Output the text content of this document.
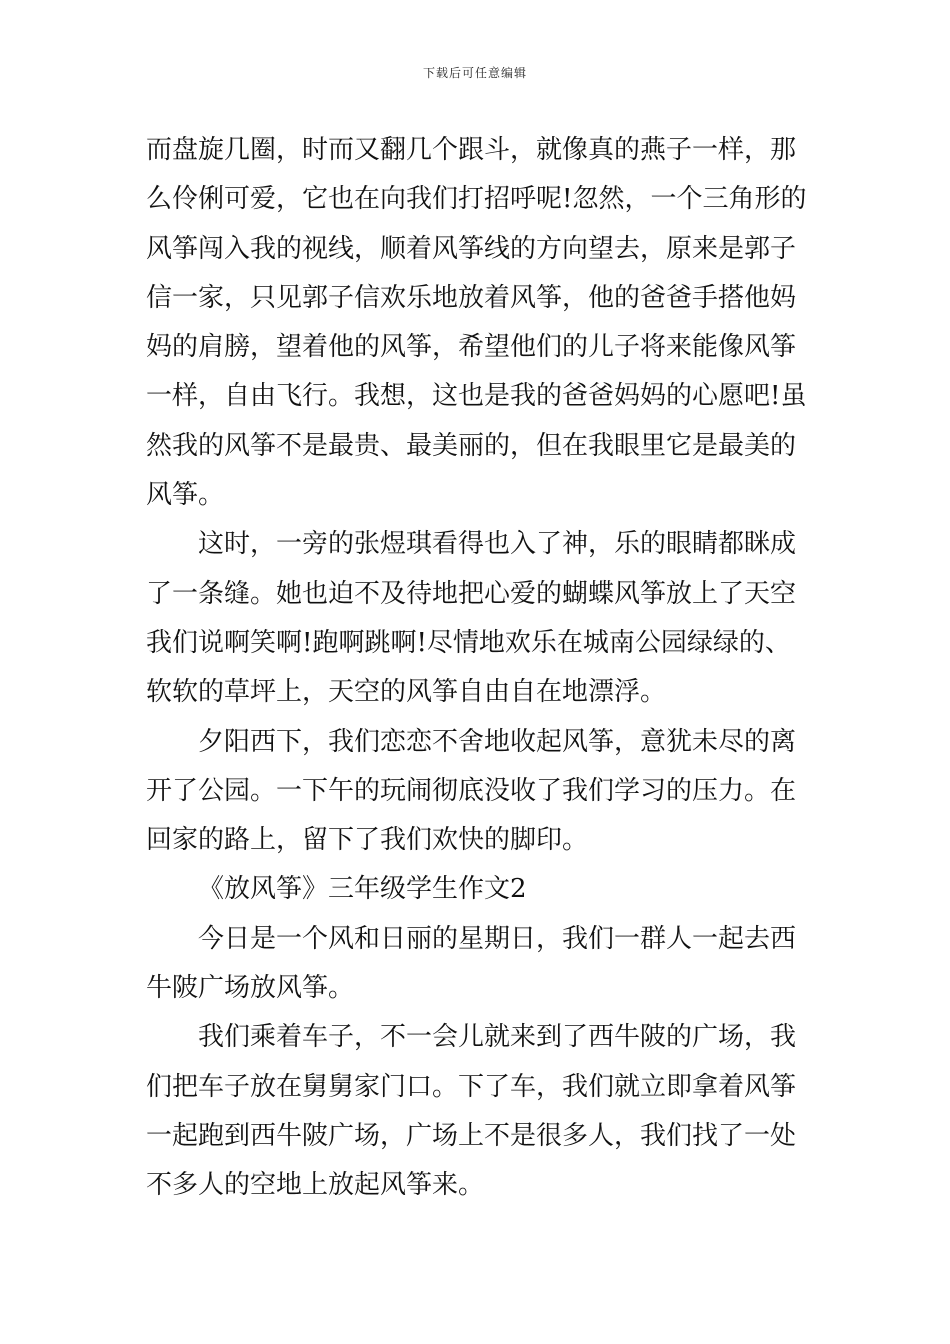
下载后可任意编辑
而盘旋几圈，时而又翻几个跟斗，就像真的燕子一样，那
么伶俐可爱，它也在向我们打招呼呢!忽然，一个三角形的
风筝闯入我的视线，顺着风筝线的方向望去，原来是郭子
信一家，只见郭子信欢乐地放着风筝，他的爸爸手搭他妈
妈的肩膀，望着他的风筝，希望他们的儿子将来能像风筝
一样，自由飞行。我想，这也是我的爸爸妈妈的心愿吧!虽
然我的风筝不是最贵、最美丽的，但在我眼里它是最美的
风筝。
这时，一旁的张煜琪看得也入了神，乐的眼睛都眯成
了一条缝。她也迫不及待地把心爱的蝴蝶风筝放上了天空
我们说啊笑啊!跑啊跳啊!尽情地欢乐在城南公园绿绿的、
软软的草坪上，天空的风筝自由自在地漂浮。
夕阳西下，我们恋恋不舍地收起风筝，意犹未尽的离
开了公园。一下午的玩闹彻底没收了我们学习的压力。在
回家的路上，留下了我们欢快的脚印。
《放风筝》三年级学生作文2
今日是一个风和日丽的星期日，我们一群人一起去西
牛陂广场放风筝。
我们乘着车子，不一会儿就来到了西牛陂的广场，我
们把车子放在舅舅家门口。下了车，我们就立即拿着风筝
一起跑到西牛陂广场，广场上不是很多人，我们找了一处
不多人的空地上放起风筝来。
